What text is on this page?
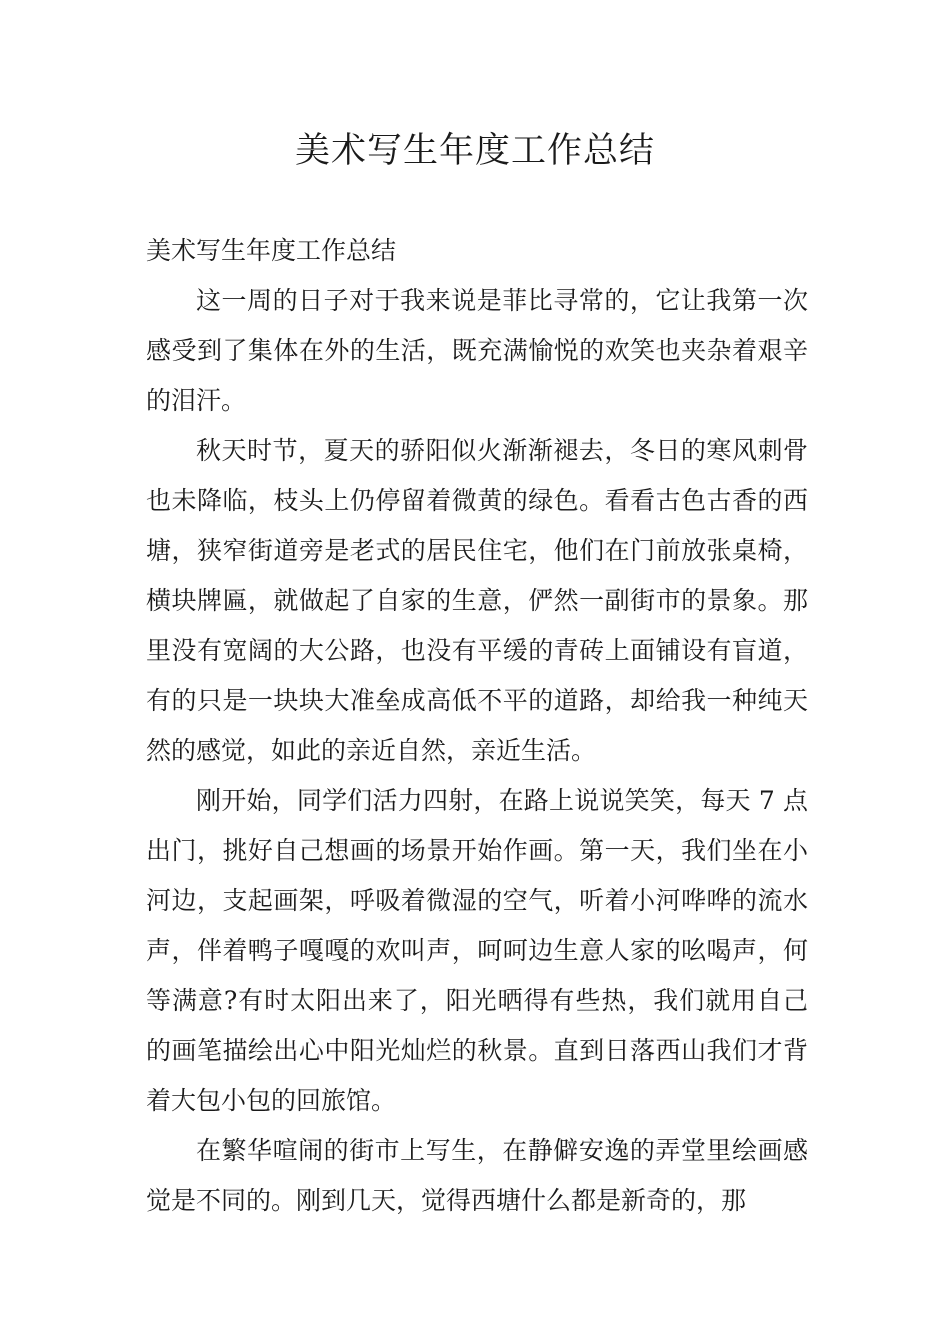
美术写生年度工作总结

美术写生年度工作总结

这一周的日子对于我来说是菲比寻常的，它让我第一次感受到了集体在外的生活，既充满愉悦的欢笑也夹杂着艰辛的泪汗。

秋天时节，夏天的骄阳似火渐渐褪去，冬日的寒风刺骨也未降临，枝头上仍停留着微黄的绿色。看看古色古香的西塘，狭窄街道旁是老式的居民住宅，他们在门前放张桌椅，横块牌匾，就做起了自家的生意，俨然一副街市的景象。那里没有宽阔的大公路，也没有平缓的青砖上面铺设有盲道，有的只是一块块大准垒成高低不平的道路，却给我一种纯天然的感觉，如此的亲近自然，亲近生活。

刚开始，同学们活力四射，在路上说说笑笑，每天 7 点出门，挑好自己想画的场景开始作画。第一天，我们坐在小河边，支起画架，呼吸着微湿的空气，听着小河哗哗的流水声，伴着鸭子嘎嘎的欢叫声，呵呵边生意人家的吆喝声，何等满意?有时太阳出来了，阳光晒得有些热，我们就用自己的画笔描绘出心中阳光灿烂的秋景。直到日落西山我们才背着大包小包的回旅馆。

在繁华喧闹的街市上写生，在静僻安逸的弄堂里绘画感觉是不同的。刚到几天，觉得西塘什么都是新奇的，那
